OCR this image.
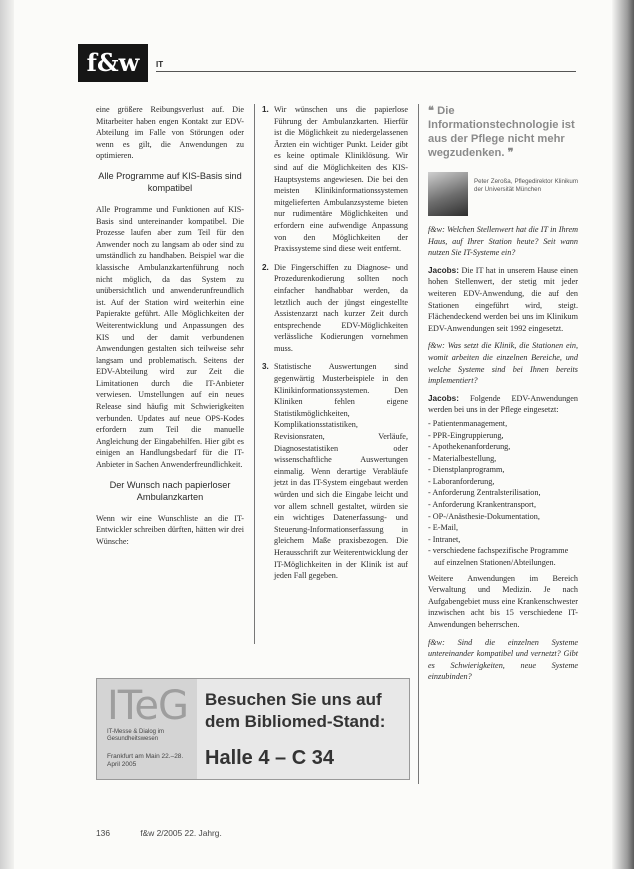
f&w	IT

eine größere Reibungsverlust auf. Die Mitarbeiter haben engen Kontakt zur EDV-Abteilung im Falle von Störungen oder wenn es gilt, die Anwendungen zu optimieren.

Alle Programme auf KIS-Basis sind kompatibel

Alle Programme und Funktionen auf KIS-Basis sind untereinander kompatibel. Die Prozesse laufen aber zum Teil für den Anwender noch zu langsam ab oder sind zu umständlich zu handhaben. Beispiel war die klassische Ambulanzkartenführung noch nicht möglich, da das System zu unübersichtlich und anwenderunfreundlich ist. Auf der Station wird weiterhin eine Papierakte geführt. Alle Möglichkeiten der Weiterentwicklung und Anpassungen des KIS und der damit verbundenen Anwendungen gestalten sich teilweise sehr langsam und problematisch. Seitens der EDV-Abteilung wird zur Zeit die Limitationen durch die IT-Anbieter verwiesen. Umstellungen auf ein neues Release sind häufig mit Schwierigkeiten verbunden. Updates auf neue OPS-Kodes erfordern zum Teil die manuelle Angleichung der Eingabehilfen. Hier gibt es einigen an Handlungsbedarf für die IT-Anbieter in Sachen Anwenderfreundlichkeit.

Der Wunsch nach papierloser Ambulanzkarten

Wenn wir eine Wunschliste an die IT-Entwickler schreiben dürften, hätten wir drei Wünsche:

1. Wir wünschen uns die papierlose Führung der Ambulanzkarten. Hierfür ist die Möglichkeit zu niedergelassenen Ärzten ein wichtiger Punkt. Leider gibt es keine optimale Kliniklösung. Wir sind auf die Möglichkeiten des KIS-Hauptsystems angewiesen. Die bei den meisten Klinikinformationssystemen mitgelieferten Ambulanzsysteme bieten nur rudimentäre Möglichkeiten und erfordern eine aufwendige Anpassung von den Möglichkeiten der Praxissysteme sind diese weit entfernt.
2. Die Fingerschiffen zu Diagnose- und Prozedurenkodierung sollten noch einfacher handhabbar werden, da letztlich auch der jüngst eingestellte Assistenzarzt nach kurzer Zeit durch entsprechende EDV-Möglichkeiten verlässliche Kodierungen vornehmen muss.
3. Statistische Auswertungen sind gegenwärtig Musterbeispiele in den Klinikinformationssystemen. Den Kliniken fehlen eigene Statistikmöglichkeiten, Komplikationsstatistiken, Revisionsraten, Verläufe, Diagnosestatistiken oder wissenschaftliche Auswertungen einmalig. Wenn derartige Verabläufe jetzt in das IT-System eingebaut werden würden und sich die Eingabe leicht und vor allem schnell gestaltet, würden sie ein wichtiges Datenerfassung- und Steuerung-Informationserfassung in gleichem Maße praxisbezogen. Die Herausschrift zur Weiterentwicklung der IT-Möglichkeiten in der Klinik ist auf jeden Fall gegeben.
❝ Die Informationstechnologie ist aus der Pflege nicht mehr wegzudenken. ❞
Peter Zeroßa, Pflegedirektor Klinikum der Universität München

f&w: Welchen Stellenwert hat die IT in Ihrem Haus, auf Ihrer Station heute? Seit wann nutzen Sie IT-Systeme ein?

Jacobs: Die IT hat in unserem Hause einen hohen Stellenwert, der stetig mit jeder weiteren EDV-Anwendung, die auf den Stationen eingeführt wird, steigt. Flächendeckend werden bei uns im Klinikum EDV-Anwendungen seit 1992 eingesetzt.

f&w: Was setzt die Klinik, die Stationen ein, womit arbeiten die einzelnen Bereiche, und welche Systeme sind bei Ihnen bereits implementiert?

Jacobs: Folgende EDV-Anwendungen werden bei uns in der Pflege eingesetzt:

- Patientenmanagement,
- PPR-Eingruppierung,
- Apothekenanforderung,
- Materialbestellung,
- Dienstplanprogramm,
- Laboranforderung,
- Anforderung Zentralsterilisation,
- Anforderung Krankentransport,
- OP-/Anästhesie-Dokumentation,
- E-Mail,
- Intranet,
- verschiedene fachspezifische Programme auf einzelnen Stationen/Abteilungen.

Weitere Anwendungen im Bereich Verwaltung und Medizin. Je nach Aufgabengebiet muss eine Krankenschwester inzwischen acht bis 15 verschiedene IT-Anwendungen beherrschen.

f&w: Sind die einzelnen Systeme untereinander kompatibel und vernetzt? Gibt es Schwierigkeiten, neue Systeme einzubinden?

ITeG
IT-Messe & Dialog im Gesundheitswesen
Frankfurt am Main 22.–28. April 2005
Besuchen Sie uns auf
dem Bibliomed-Stand:
Halle 4 – C 34
136	f&w 2/2005 22. Jahrg.
